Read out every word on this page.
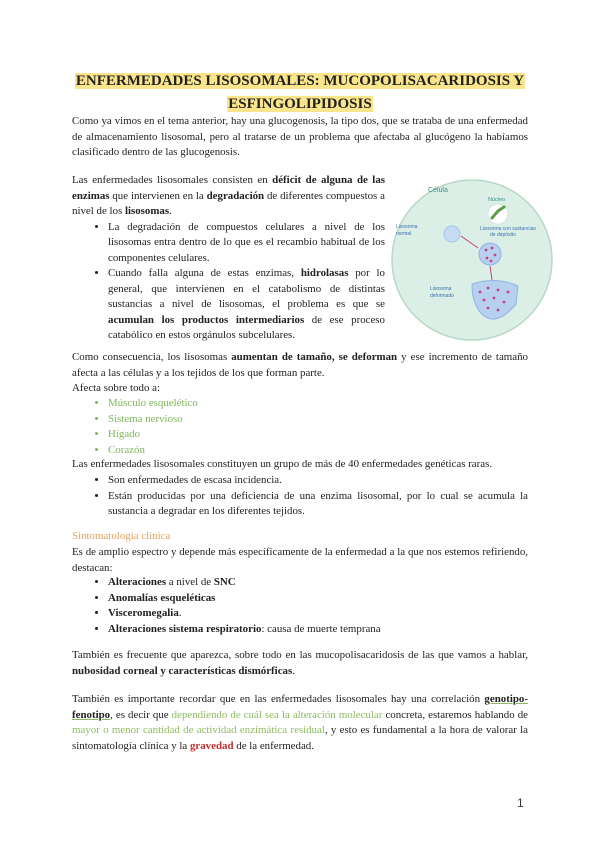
ENFERMEDADES LISOSOMALES: MUCOPOLISACARIDOSIS Y
ESFINGOLIPIDOSIS
Como ya vimos en el tema anterior, hay una glucogenosis, la tipo dos, que se trataba de una enfermedad de almacenamiento lisosomal, pero al tratarse de un problema que afectaba al glucógeno la habíamos clasificado dentro de las glucogenosis.
Las enfermedades lisosomales consisten en déficit de alguna de las enzimas que intervienen en la degradación de diferentes compuestos a nivel de los lisosomas.
• La degradación de compuestos celulares a nivel de los lisosomas entra dentro de lo que es el recambio habitual de los componentes celulares.
• Cuando falla alguna de estas enzimas, hidrolasas por lo general, que intervienen en el catabolismo de distintas sustancias a nivel de lisosomas, el problema es que se acumulan los productos intermediarios de ese proceso catabólico en estos orgánulos subcelulares.
Célula
Núcleo
Lisosoma
normal
Lisosoma con sustancias
de depósito
Lisosoma
deformado
Como consecuencia, los lisosomas aumentan de tamaño, se deforman y ese incremento de tamaño afecta a las células y a los tejidos de los que forman parte.
Afecta sobre todo a:
• Músculo esquelético
• Sistema nervioso
• Hígado
• Corazón
Las enfermedades lisosomales constituyen un grupo de más de 40 enfermedades genéticas raras.
• Son enfermedades de escasa incidencia.
• Están producidas por una deficiencia de una enzima lisosomal, por lo cual se acumula la sustancia a degradar en los diferentes tejidos.
Sintomatología clínica
Es de amplio espectro y depende más específicamente de la enfermedad a la que nos estemos refiriendo, destacan:
• Alteraciones a nivel de SNC
• Anomalías esqueléticas
• Visceromegalia.
• Alteraciones sistema respiratorio: causa de muerte temprana
También es frecuente que aparezca, sobre todo en las mucopolisacaridosis de las que vamos a hablar, nubosidad corneal y características dismórficas.
También es importante recordar que en las enfermedades lisosomales hay una correlación genotipo-fenotipo, es decir que dependiendo de cuál sea la alteración molecular concreta, estaremos hablando de mayor o menor cantidad de actividad enzimática residual, y esto es fundamental a la hora de valorar la sintomatología clínica y la gravedad de la enfermedad.
1
